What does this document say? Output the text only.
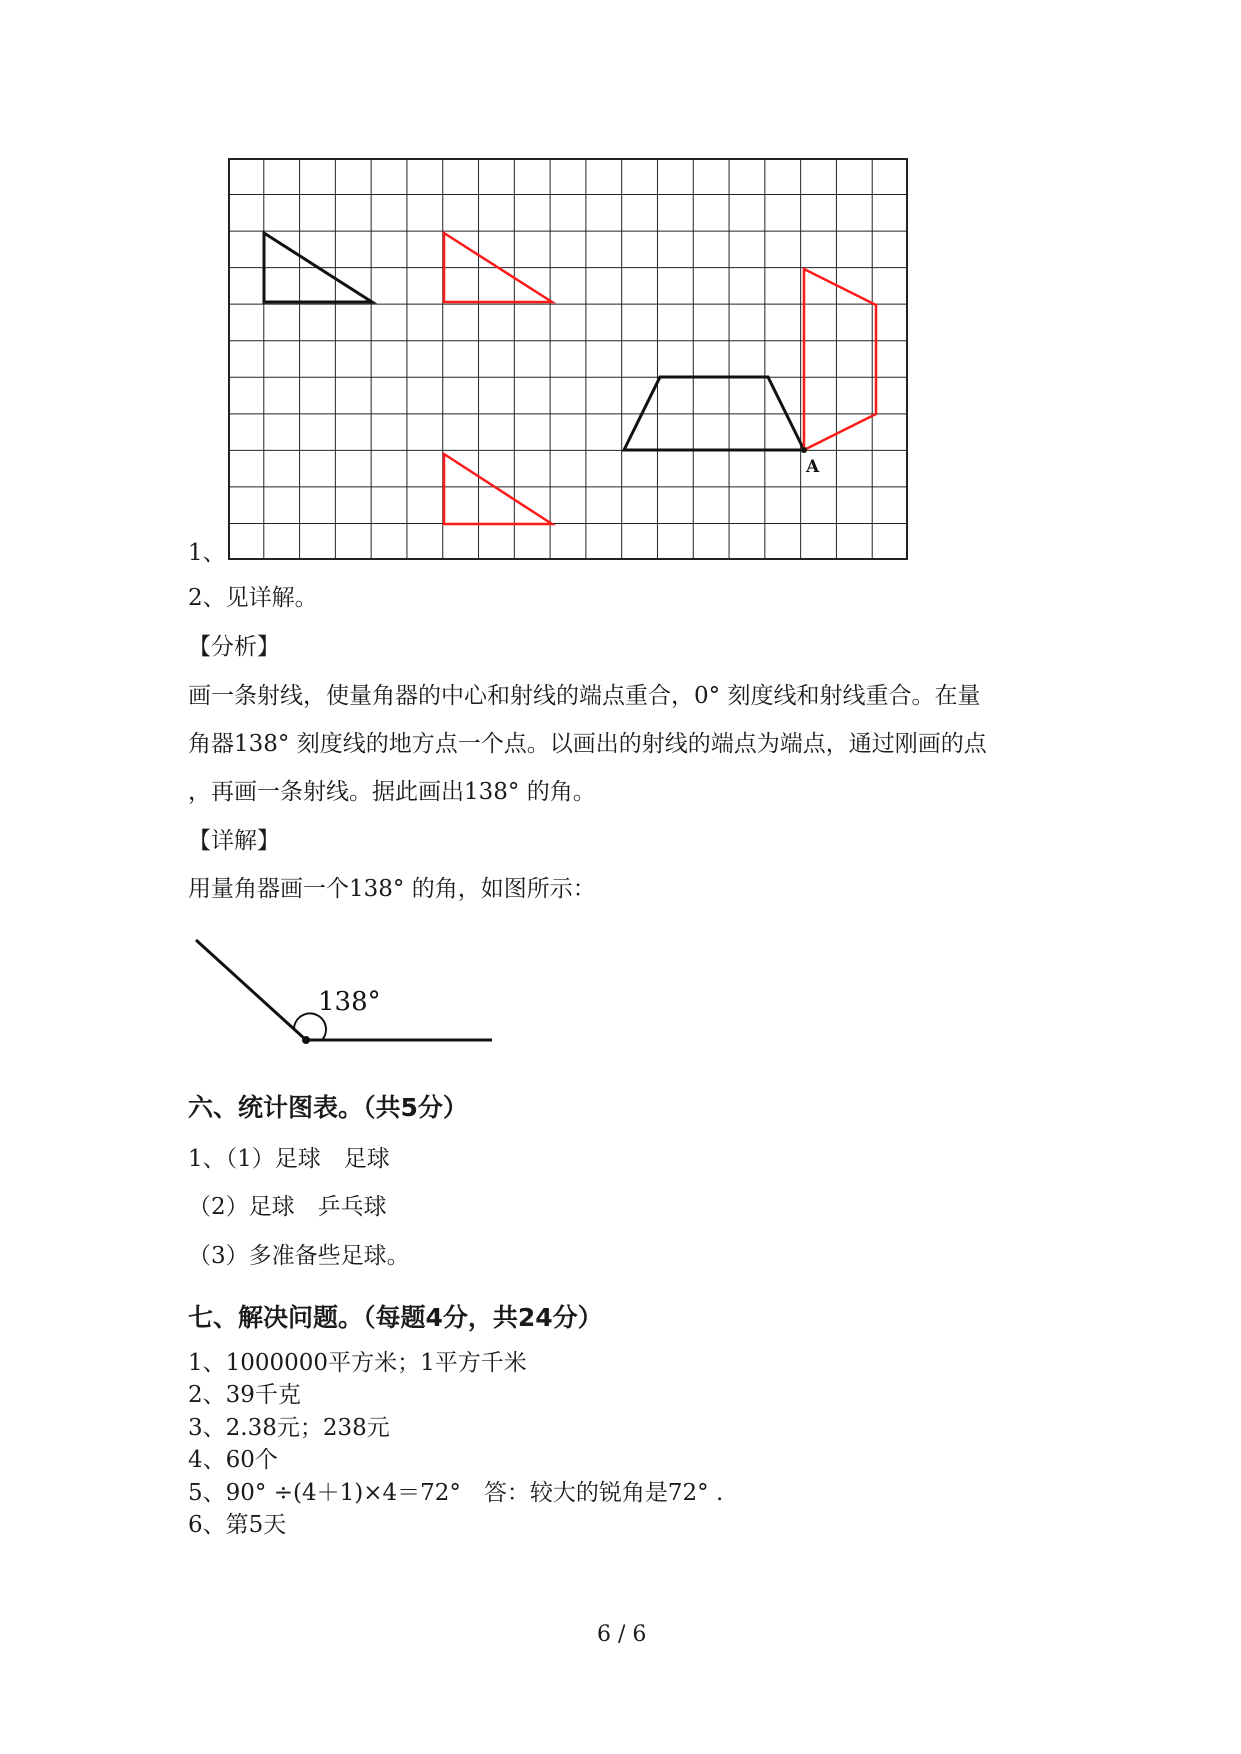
1、
A
2、见详解。
【分析】
画一条射线，使量角器的中心和射线的端点重合，0° 刻度线和射线重合。在量
角器138° 刻度线的地方点一个点。以画出的射线的端点为端点，通过刚画的点
，再画一条射线。据此画出138° 的角。
【详解】
用量角器画一个138° 的角，如图所示：
138°
六、统计图表。（共5分）
1、（1）足球　足球
（2）足球　乒乓球
（3）多准备些足球。
七、解决问题。（每题4分，共24分）
1、1000000平方米；1平方千米
2、39千克
3、2.38元；238元
4、60个
5、90° ÷(4＋1)×4＝72°　答：较大的锐角是72° .
6、第5天
6 / 6
